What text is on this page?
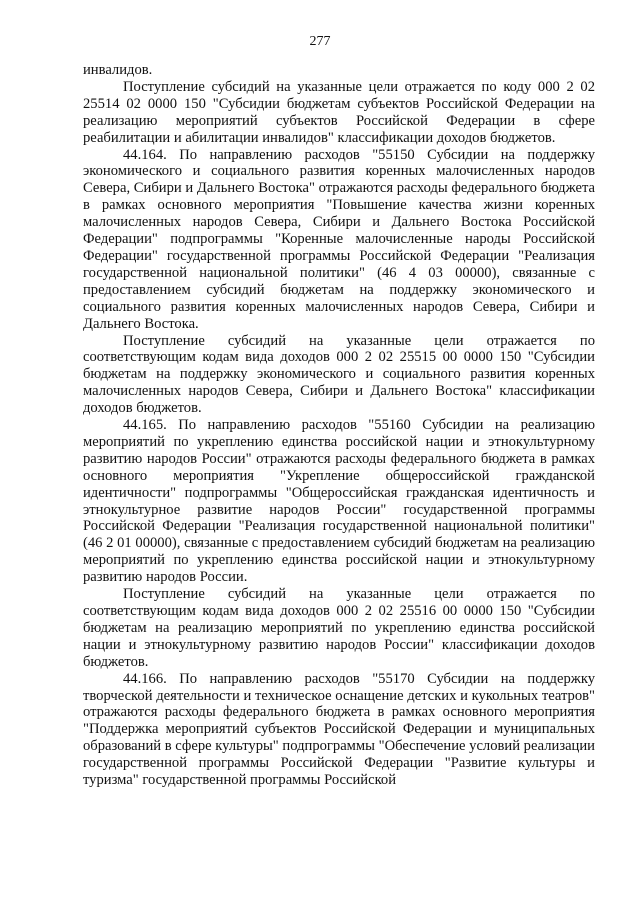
277

инвалидов.

Поступление субсидий на указанные цели отражается по коду 000 2 02 25514 02 0000 150 "Субсидии бюджетам субъектов Российской Федерации на реализацию мероприятий субъектов Российской Федерации в сфере реабилитации и абилитации инвалидов" классификации доходов бюджетов.

44.164. По направлению расходов "55150 Субсидии на поддержку экономического и социального развития коренных малочисленных народов Севера, Сибири и Дальнего Востока" отражаются расходы федерального бюджета в рамках основного мероприятия "Повышение качества жизни коренных малочисленных народов Севера, Сибири и Дальнего Востока Российской Федерации" подпрограммы "Коренные малочисленные народы Российской Федерации" государственной программы Российской Федерации "Реализация государственной национальной политики" (46 4 03 00000), связанные с предоставлением субсидий бюджетам на поддержку экономического и социального развития коренных малочисленных народов Севера, Сибири и Дальнего Востока.

Поступление субсидий на указанные цели отражается по соответствующим кодам вида доходов 000 2 02 25515 00 0000 150 "Субсидии бюджетам на поддержку экономического и социального развития коренных малочисленных народов Севера, Сибири и Дальнего Востока" классификации доходов бюджетов.

44.165. По направлению расходов "55160 Субсидии на реализацию мероприятий по укреплению единства российской нации и этнокультурному развитию народов России" отражаются расходы федерального бюджета в рамках основного мероприятия "Укрепление общероссийской гражданской идентичности" подпрограммы "Общероссийская гражданская идентичность и этнокультурное развитие народов России" государственной программы Российской Федерации "Реализация государственной национальной политики" (46 2 01 00000), связанные с предоставлением субсидий бюджетам на реализацию мероприятий по укреплению единства российской нации и этнокультурному развитию народов России.

Поступление субсидий на указанные цели отражается по соответствующим кодам вида доходов 000 2 02 25516 00 0000 150 "Субсидии бюджетам на реализацию мероприятий по укреплению единства российской нации и этнокультурному развитию народов России" классификации доходов бюджетов.

44.166. По направлению расходов "55170 Субсидии на поддержку творческой деятельности и техническое оснащение детских и кукольных театров" отражаются расходы федерального бюджета в рамках основного мероприятия "Поддержка мероприятий субъектов Российской Федерации и муниципальных образований в сфере культуры" подпрограммы "Обеспечение условий реализации государственной программы Российской Федерации "Развитие культуры и туризма" государственной программы Российской
